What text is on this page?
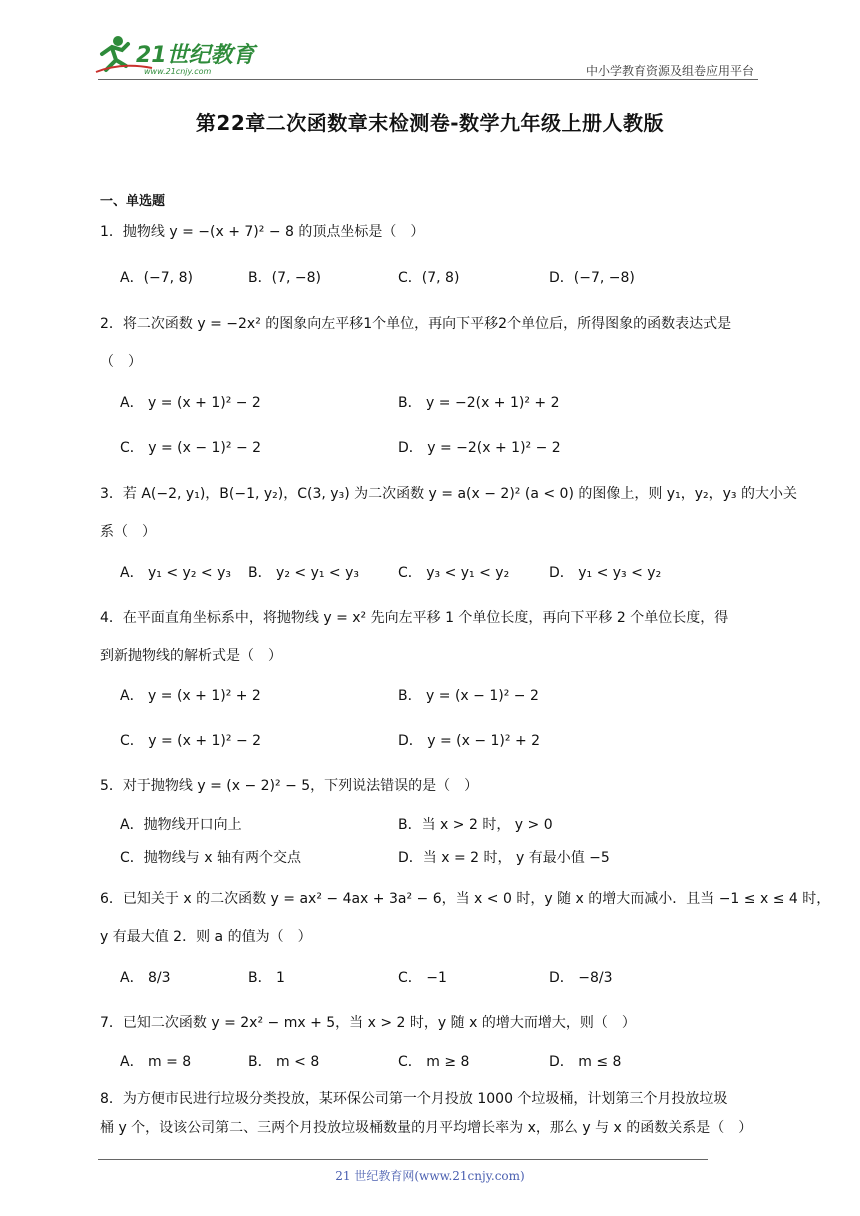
21世纪教育
www.21cnjy.com	中小学教育资源及组卷应用平台
第22章二次函数章末检测卷-数学九年级上册人教版
一、单选题
1．抛物线 y = −(x + 7)² − 8 的顶点坐标是（　）
A．(−7, 8)	B．(7, −8)	C．(7, 8)	D．(−7, −8)
2．将二次函数 y = −2x² 的图象向左平移1个单位，再向下平移2个单位后，所得图象的函数表达式是
（　）
A． y = (x + 1)² − 2	B． y = −2(x + 1)² + 2
C． y = (x − 1)² − 2	D． y = −2(x + 1)² − 2
3．若 A(−2, y₁)，B(−1, y₂)，C(3, y₃) 为二次函数 y = a(x − 2)² (a < 0) 的图像上，则 y₁，y₂，y₃ 的大小关
系（　）
A． y₁ < y₂ < y₃ B． y₂ < y₁ < y₃	C． y₃ < y₁ < y₂	D． y₁ < y₃ < y₂
4．在平面直角坐标系中，将抛物线 y = x² 先向左平移 1 个单位长度，再向下平移 2 个单位长度，得
到新抛物线的解析式是（　）
A． y = (x + 1)² + 2	B． y = (x − 1)² − 2
C． y = (x + 1)² − 2	D． y = (x − 1)² + 2
5．对于抛物线 y = (x − 2)² − 5，下列说法错误的是（　）
A．抛物线开口向上	B．当 x > 2 时， y > 0
C．抛物线与 x 轴有两个交点	D．当 x = 2 时， y 有最小值 −5
6．已知关于 x 的二次函数 y = ax² − 4ax + 3a² − 6，当 x < 0 时，y 随 x 的增大而减小．且当 −1 ≤ x ≤ 4 时，
y 有最大值 2．则 a 的值为（　）
A． 8/3	B． 1	C． −1	D． −8/3
7．已知二次函数 y = 2x² − mx + 5，当 x > 2 时，y 随 x 的增大而增大，则（　）
A． m = 8	B． m < 8	C． m ≥ 8	D． m ≤ 8
8．为方便市民进行垃圾分类投放，某环保公司第一个月投放 1000 个垃圾桶，计划第三个月投放垃圾
桶 y 个，设该公司第二、三两个月投放垃圾桶数量的月平均增长率为 x，那么 y 与 x 的函数关系是（　）
21 世纪教育网(www.21cnjy.com)
